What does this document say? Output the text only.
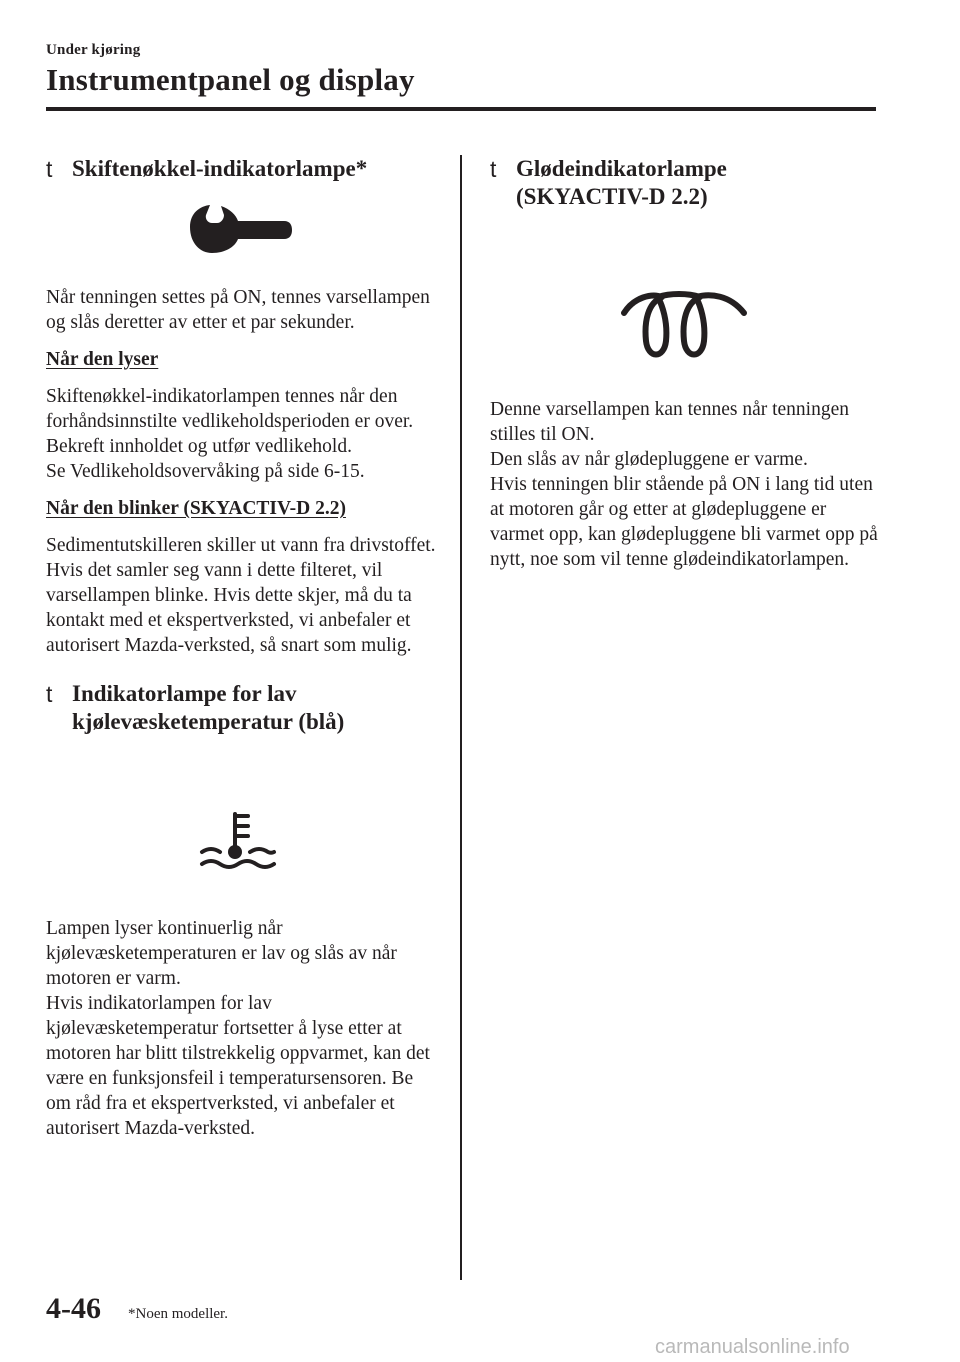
Under kjøring
Instrumentpanel og display
t Skiftenøkkel-indikatorlampe*

Når tenningen settes på ON, tennes varsellampen og slås deretter av etter et par sekunder.

Når den lyser

Skiftenøkkel-indikatorlampen tennes når den forhåndsinnstilte vedlikeholdsperioden er over. Bekreft innholdet og utfør vedlikehold.

Se Vedlikeholdsovervåking på side 6-15.

Når den blinker (SKYACTIV-D 2.2)

Sedimentutskilleren skiller ut vann fra drivstoffet.

Hvis det samler seg vann i dette filteret, vil varsellampen blinke. Hvis dette skjer, må du ta kontakt med et ekspertverksted, vi anbefaler et autorisert Mazda-verksted, så snart som mulig.

t Indikatorlampe for lav
kjølevæsketemperatur (blå)

Lampen lyser kontinuerlig når kjølevæsketemperaturen er lav og slås av når motoren er varm.

Hvis indikatorlampen for lav kjølevæsketemperatur fortsetter å lyse etter at motoren har blitt tilstrekkelig oppvarmet, kan det være en funksjonsfeil i temperatursensoren. Be om råd fra et ekspertverksted, vi anbefaler et autorisert Mazda-verksted.

t Glødeindikatorlampe
(SKYACTIV-D 2.2)

Denne varsellampen kan tennes når tenningen stilles til ON.

Den slås av når glødepluggene er varme.

Hvis tenningen blir stående på ON i lang tid uten at motoren går og etter at glødepluggene er varmet opp, kan glødepluggene bli varmet opp på nytt, noe som vil tenne glødeindikatorlampen.

4-46 *Noen modeller.
carmanualsonline.info
